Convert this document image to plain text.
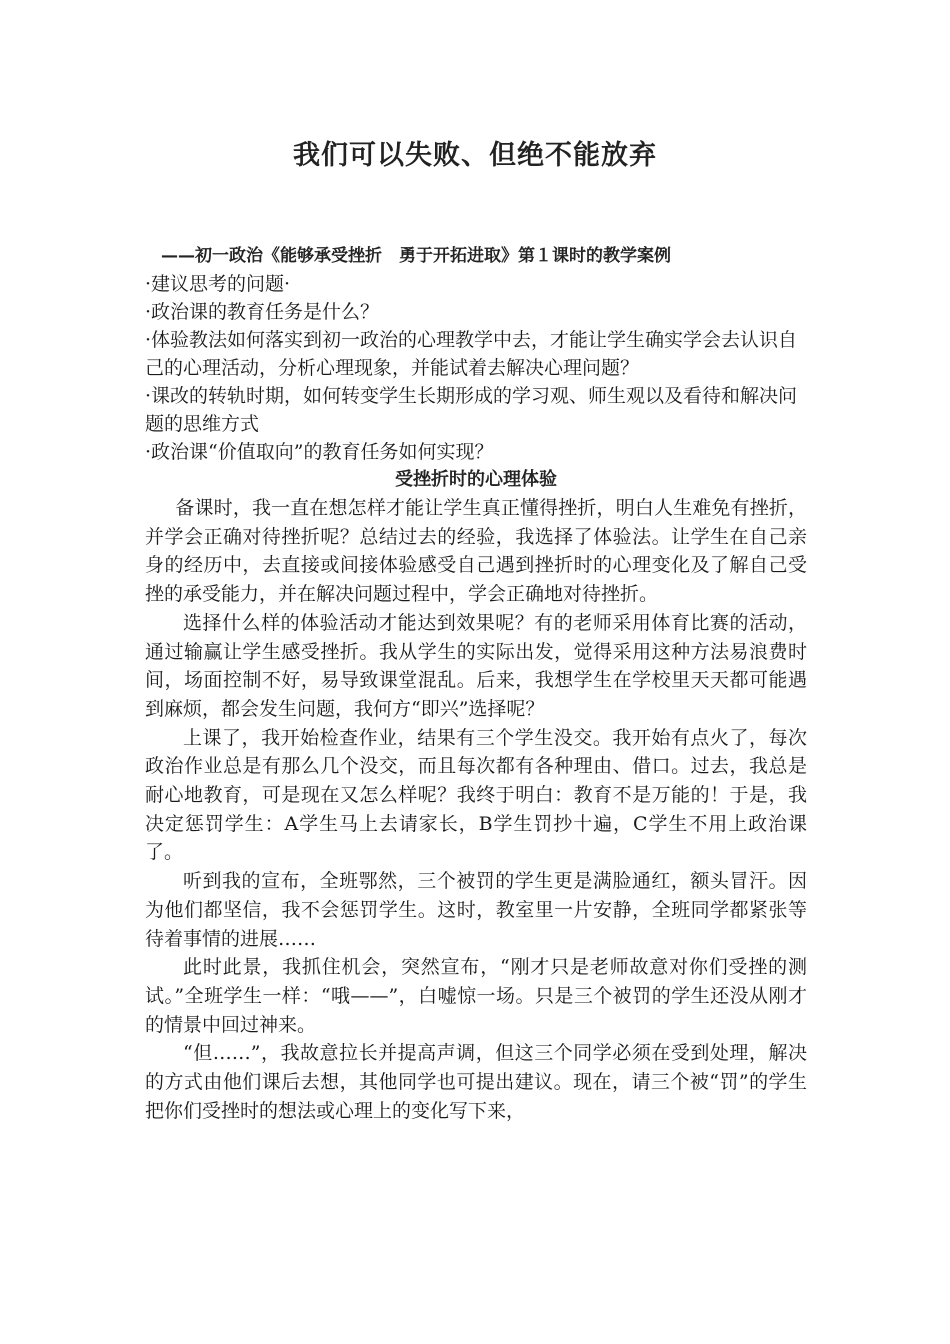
我们可以失败、但绝不能放弃

——初一政治《能够承受挫折　勇于开拓进取》第１课时的教学案例

·建议思考的问题·

·政治课的教育任务是什么？

·体验教法如何落实到初一政治的心理教学中去，才能让学生确实学会去认识自己的心理活动，分析心理现象，并能试着去解决心理问题？

·课改的转轨时期，如何转变学生长期形成的学习观、师生观以及看待和解决问题的思维方式

·政治课“价值取向”的教育任务如何实现？

受挫折时的心理体验

备课时，我一直在想怎样才能让学生真正懂得挫折，明白人生难免有挫折，并学会正确对待挫折呢？总结过去的经验，我选择了体验法。让学生在自己亲身的经历中，去直接或间接体验感受自己遇到挫折时的心理变化及了解自己受挫的承受能力，并在解决问题过程中，学会正确地对待挫折。

选择什么样的体验活动才能达到效果呢？有的老师采用体育比赛的活动，通过输赢让学生感受挫折。我从学生的实际出发，觉得采用这种方法易浪费时间，场面控制不好，易导致课堂混乱。后来，我想学生在学校里天天都可能遇到麻烦，都会发生问题，我何方“即兴”选择呢？

上课了，我开始检查作业，结果有三个学生没交。我开始有点火了，每次政治作业总是有那么几个没交，而且每次都有各种理由、借口。过去，我总是耐心地教育，可是现在又怎么样呢？我终于明白：教育不是万能的！于是，我决定惩罚学生：A学生马上去请家长，B学生罚抄十遍，C学生不用上政治课了。

听到我的宣布，全班鄂然，三个被罚的学生更是满脸通红，额头冒汗。因为他们都坚信，我不会惩罚学生。这时，教室里一片安静，全班同学都紧张等待着事情的进展……

此时此景，我抓住机会，突然宣布，“刚才只是老师故意对你们受挫的测试。”全班学生一样：“哦——”，白嘘惊一场。只是三个被罚的学生还没从刚才的情景中回过神来。

“但……”，我故意拉长并提高声调，但这三个同学必须在受到处理，解决的方式由他们课后去想，其他同学也可提出建议。现在，请三个被“罚”的学生把你们受挫时的想法或心理上的变化写下来，
